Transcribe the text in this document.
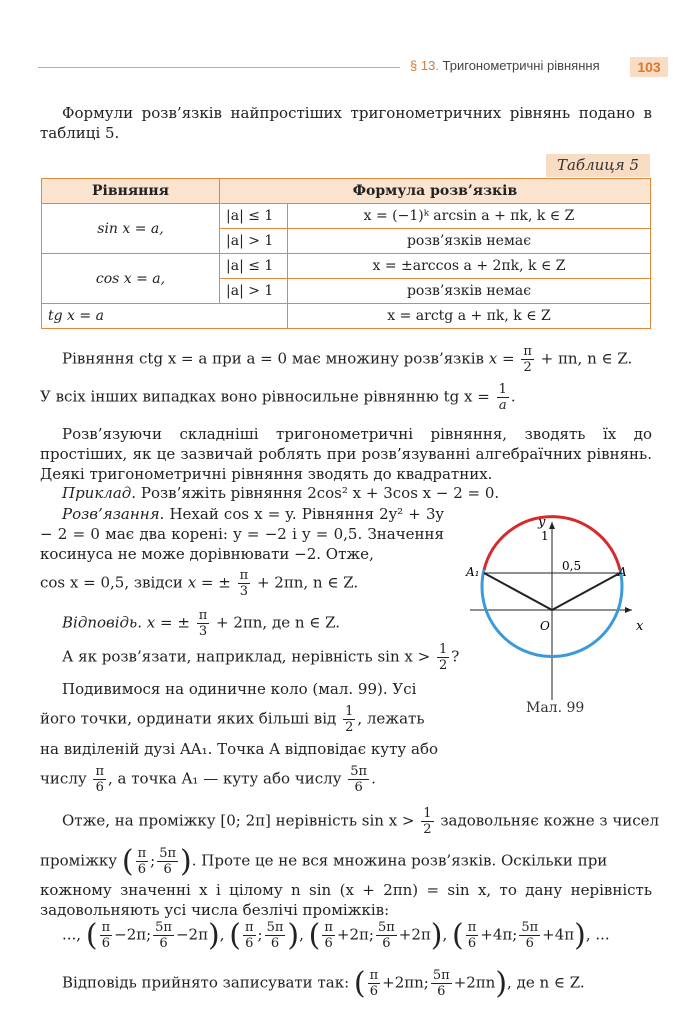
§ 13. Тригонометричні рівняння	103
Формули розв’язків найпростіших тригонометричних рівнянь подано в таблиці 5.
Таблиця 5
Рівняння	Формула розв’язків	
sin x = a,	|a| ≤ 1	x = (−1)ᵏ arcsin a + πk, k ∈ Z
	|a| > 1	розв’язків немає
cos x = a,	|a| ≤ 1	x = ±arccos a + 2πk, k ∈ Z
	|a| > 1	розв’язків немає
tg x = a		x = arctg a + πk, k ∈ Z
Рівняння ctg x = a при a = 0 має множину розв’язків $x = \frac{\pi}{2} + \pi n$, n ∈ Z.
У всіх інших випадках воно рівносильне рівнянню tg $x = \frac{1}{a}$ .
Розв’язуючи складніші тригонометричні рівняння, зводять їх до простіших, як це зазвичай роблять при розв’язуванні алгебраїчних рівнянь. Деякі тригонометричні рівняння зводять до квадратних.
Приклад. Розв’яжіть рівняння 2cos² x + 3cos x − 2 = 0.
Розв’язання. Нехай cos x = y. Рівняння 2y² + 3y − 2 = 0 має два корені: y = −2 і y = 0,5. Значення косинуса не може дорівнювати −2. Отже,
cos x = 0,5, звідси x = ± $\frac{\pi}{3} + 2\pi n$, n ∈ Z.
Відповідь. x = ± $\frac{\pi}{3} + 2\pi n$, де n ∈ Z.
А як розв’язати, наприклад, нерівність $\sin x > \frac{1}{2}$ ?
Подивимося на одиничне коло (мал. 99). Усі
його точки, ординати яких більші від $\frac{1}{2}$ , лежать
на виділеній дузі AA₁. Точка A відповідає куту або
числу $\frac{\pi}{6}$ , а точка A₁ — куту або числу $\frac{5\pi}{6}$ .
y
x
O
1
0,5	A
A₁
Мал. 99
Отже, на проміжку [0; 2π] нерівність $\sin x > \frac{1}{2}$ задовольняє кожне з чисел
проміжку ( $\frac{\pi}{6}$ ; $\frac{5\pi}{6}$ ). Проте це не вся множина розв’язків. Оскільки при
кожному значенні x і цілому n sin (x + 2πn) = sin x, то дану нерівність задовольняють усі числа безлічі проміжків:
..., ( $\frac{\pi}{6} -2\pi$; $\frac{5\pi}{6} -2\pi$), ( $\frac{\pi}{6}$ ; $\frac{5\pi}{6}$ ), ( $\frac{\pi}{6} +2\pi$; $\frac{5\pi}{6} +2\pi$), ( $\frac{\pi}{6} +4\pi$; $\frac{5\pi}{6} +4\pi$), ...
Відповідь прийнято записувати так: ( $\frac{\pi}{6} +2\pi n$; $\frac{5\pi}{6} +2\pi n$), де n ∈ Z.
